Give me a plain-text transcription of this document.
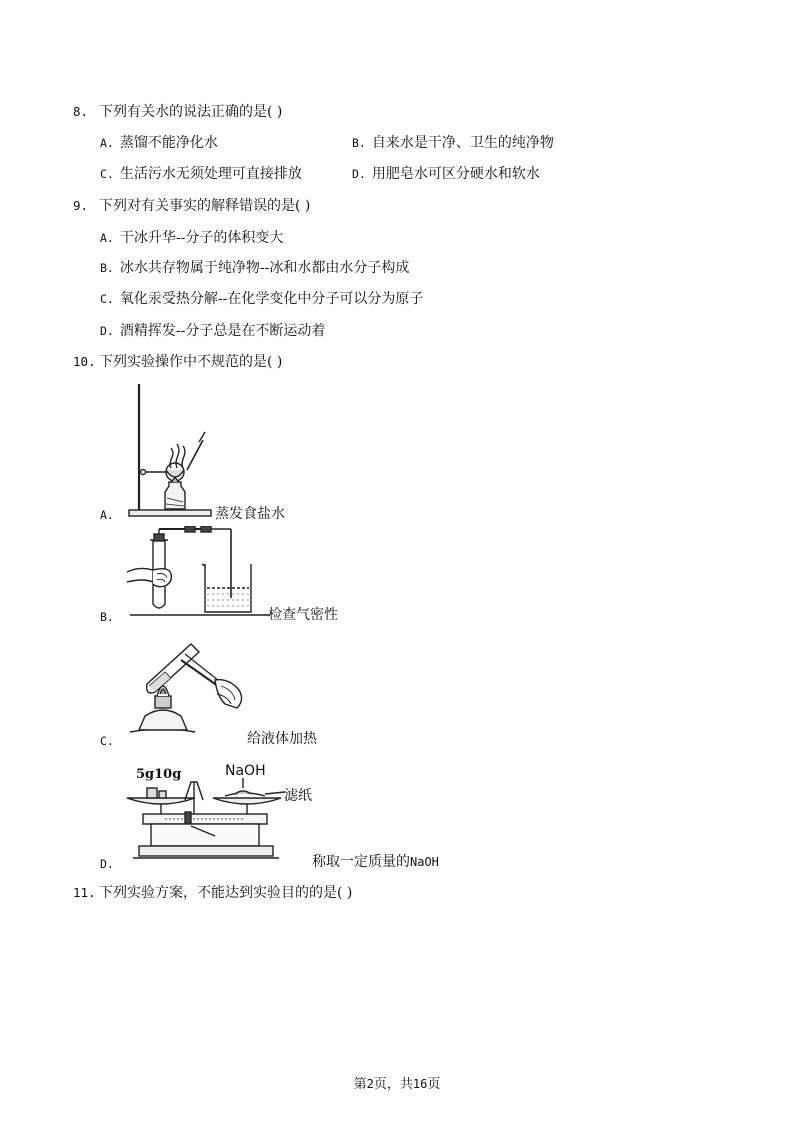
8. 下列有关水的说法正确的是( )
A. 蒸馏不能净化水	B. 自来水是干净、卫生的纯净物
C. 生活污水无须处理可直接排放	D. 用肥皂水可区分硬水和软水
9. 下列对有关事实的解释错误的是( )
A. 干冰升华--分子的体积变大
B. 冰水共存物属于纯净物--冰和水都由水分子构成
C. 氧化汞受热分解--在化学变化中分子可以分为原子
D. 酒精挥发--分子总是在不断运动着
10. 下列实验操作中不规范的是( )
A.	蒸发食盐水
B.	检查气密性
C.	给液体加热
5g10g	NaOH
滤纸
D.	称取一定质量的NaOH
11. 下列实验方案，不能达到实验目的的是( )
第2页，共16页
